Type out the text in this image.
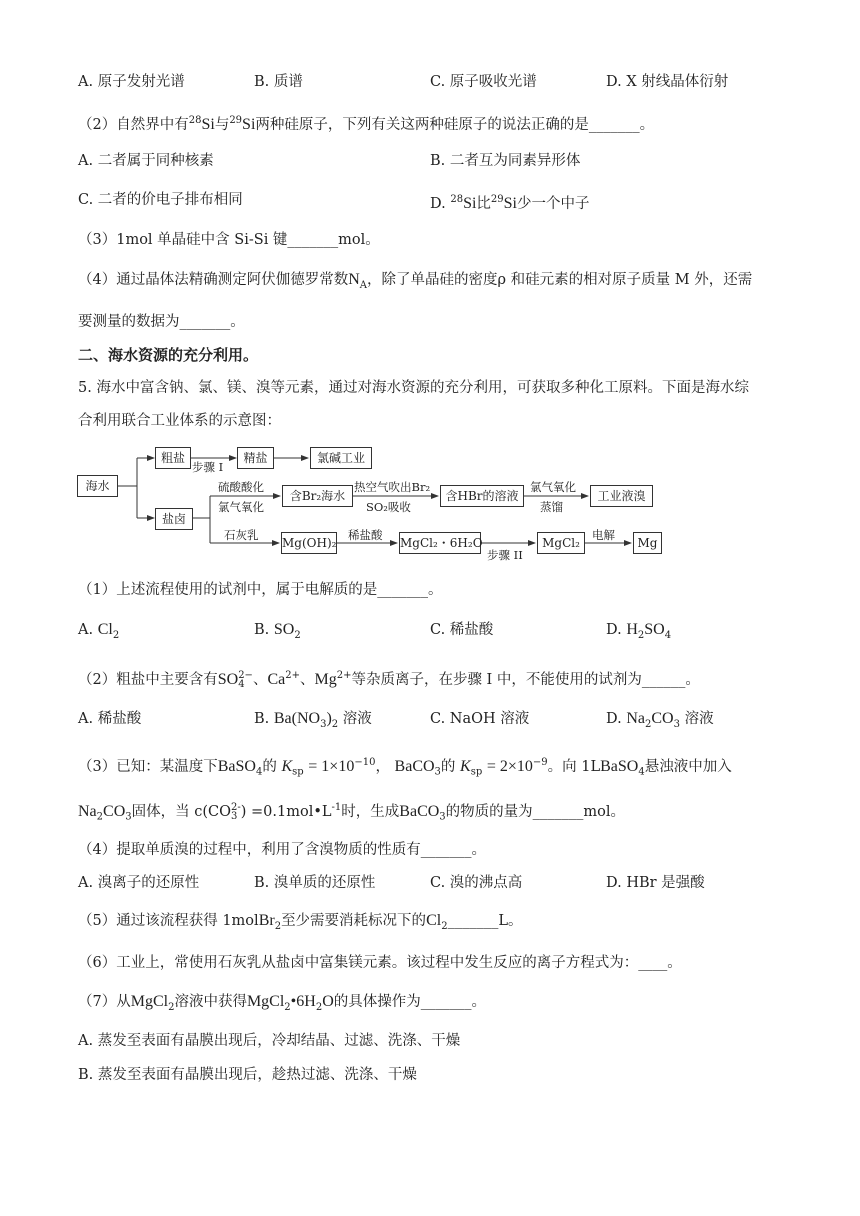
A. 原子发射光谱	B. 质谱	C. 原子吸收光谱	D. X 射线晶体衍射
（2）自然界中有$^{28}$Si与$^{29}$Si两种硅原子，下列有关这两种硅原子的说法正确的是_______。
A. 二者属于同种核素	B. 二者互为同素异形体
C. 二者的价电子排布相同	D. $^{28}$Si比$^{29}$Si少一个中子
（3）1mol 单晶硅中含 Si-Si 键_______mol。
（4）通过晶体法精确测定阿伏伽德罗常数$N_A$，除了单晶硅的密度ρ 和硅元素的相对原子质量 M 外，还需
要测量的数据为_______。
二、海水资源的充分利用。
5. 海水中富含钠、氯、镁、溴等元素，通过对海水资源的充分利用，可获取多种化工原料。下面是海水综
合利用联合工业体系的示意图：
海水
粗盐
步骤 I
精盐	氯碱工业
盐卤
硫酸酸化
氯气氧化
含Br₂海水
热空气吹出Br₂
SO₂吸收
含HBr的溶液
氯气氧化
蒸馏
工业液溴
石灰乳
Mg(OH)₂
稀盐酸
MgCl₂・6H₂O
步骤 II
MgCl₂
电解
Mg
（1）上述流程使用的试剂中，属于电解质的是_______。
A. $Cl_2$	B. $SO_2$	C. 稀盐酸	D. $H_2SO_4$
（2）粗盐中主要含有SO 2−
4 、$Ca^{2+}$、$Mg^{2+}$等杂质离子，在步骤 I 中，不能使用的试剂为______。
A. 稀盐酸	B. $Ba(NO_3)_2$ 溶液	C. NaOH 溶液	D. $Na_2CO_3$ 溶液
（3）已知：某温度下BaSO$_4$的 $K_{sp} = 1\times 10^{-10}$， BaCO$_3$的 $K_{sp} = 2\times 10^{-9}$。向 1LBaSO$_4$悬浊液中加入
$Na_2CO_3$固体，当 c(CO 2-
3 ) $=0.1mol•L^{-1}$时，生成BaCO$_3$的物质的量为_______mol。
（4）提取单质溴的过程中，利用了含溴物质的性质有_______。
A. 溴离子的还原性	B. 溴单质的还原性	C. 溴的沸点高	D. HBr 是强酸
（5）通过该流程获得 1molBr$_2$至少需要消耗标况下的$Cl_2\_\_\_\_\_\_\_L$。
（6）工业上，常使用石灰乳从盐卤中富集镁元素。该过程中发生反应的离子方程式为：____。
（7）从MgCl$_2$溶液中获得$MgCl_2•6H_2O$的具体操作为_______。
A. 蒸发至表面有晶膜出现后，冷却结晶、过滤、洗涤、干燥
B. 蒸发至表面有晶膜出现后，趁热过滤、洗涤、干燥
